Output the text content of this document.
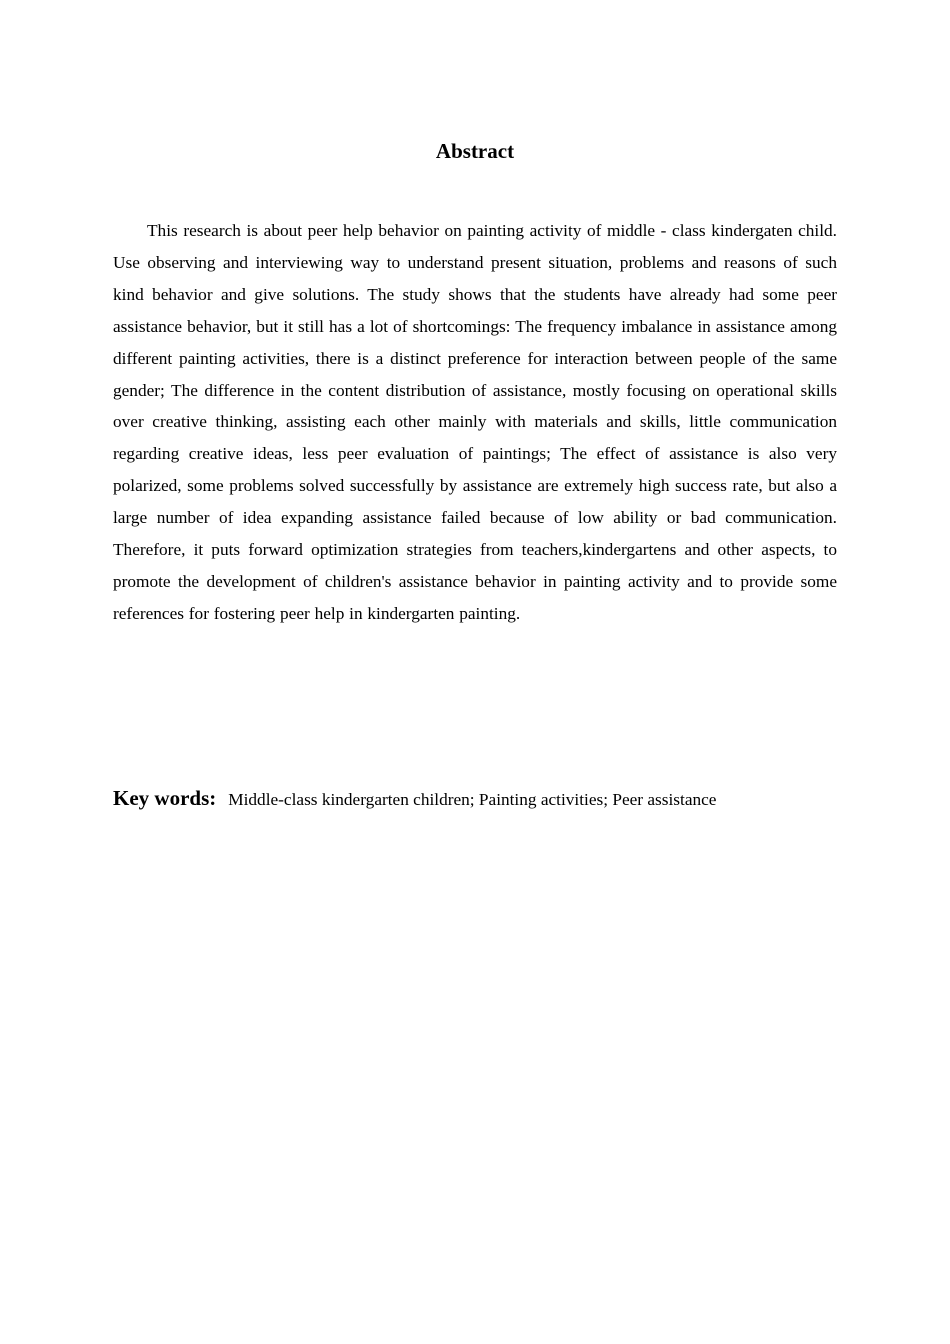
Abstract

This research is about peer help behavior on painting activity of middle - class kindergaten child. Use observing and interviewing way to understand present situation, problems and reasons of such kind behavior and give solutions. The study shows that the students have already had some peer assistance behavior, but it still has a lot of shortcomings: The frequency imbalance in assistance among different painting activities, there is a distinct preference for interaction between people of the same gender; The difference in the content distribution of assistance, mostly focusing on operational skills over creative thinking, assisting each other mainly with materials and skills, little communication regarding creative ideas, less peer evaluation of paintings; The effect of assistance is also very polarized, some problems solved successfully by assistance are extremely high success rate, but also a large number of idea expanding assistance failed because of low ability or bad communication. Therefore, it puts forward optimization strategies from teachers,kindergartens and other aspects, to promote the development of children's assistance behavior in painting activity and to provide some references for fostering peer help in kindergarten painting.

Key words: Middle-class kindergarten children; Painting activities; Peer assistance
